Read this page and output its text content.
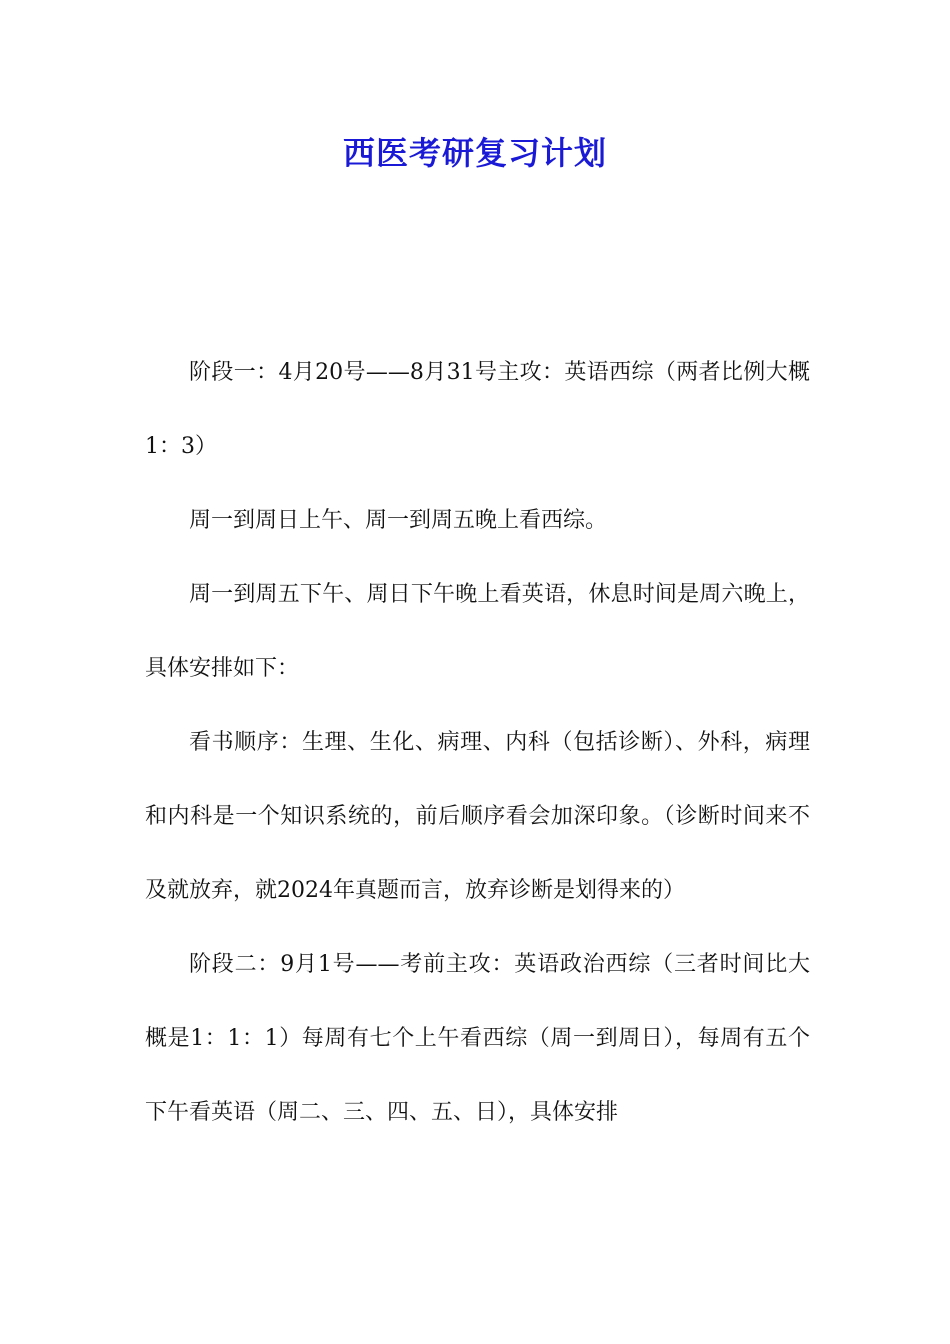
西医考研复习计划

阶段一：4月20号——8月31号主攻：英语西综（两者比例大概1：3）

周一到周日上午、周一到周五晚上看西综。

周一到周五下午、周日下午晚上看英语，休息时间是周六晚上，具体安排如下：

看书顺序：生理、生化、病理、内科（包括诊断）、外科，病理和内科是一个知识系统的，前后顺序看会加深印象。（诊断时间来不及就放弃，就2024年真题而言，放弃诊断是划得来的）

阶段二：9月1号——考前主攻：英语政治西综（三者时间比大概是1：1：1）每周有七个上午看西综（周一到周日），每周有五个下午看英语（周二、三、四、五、日），具体安排
